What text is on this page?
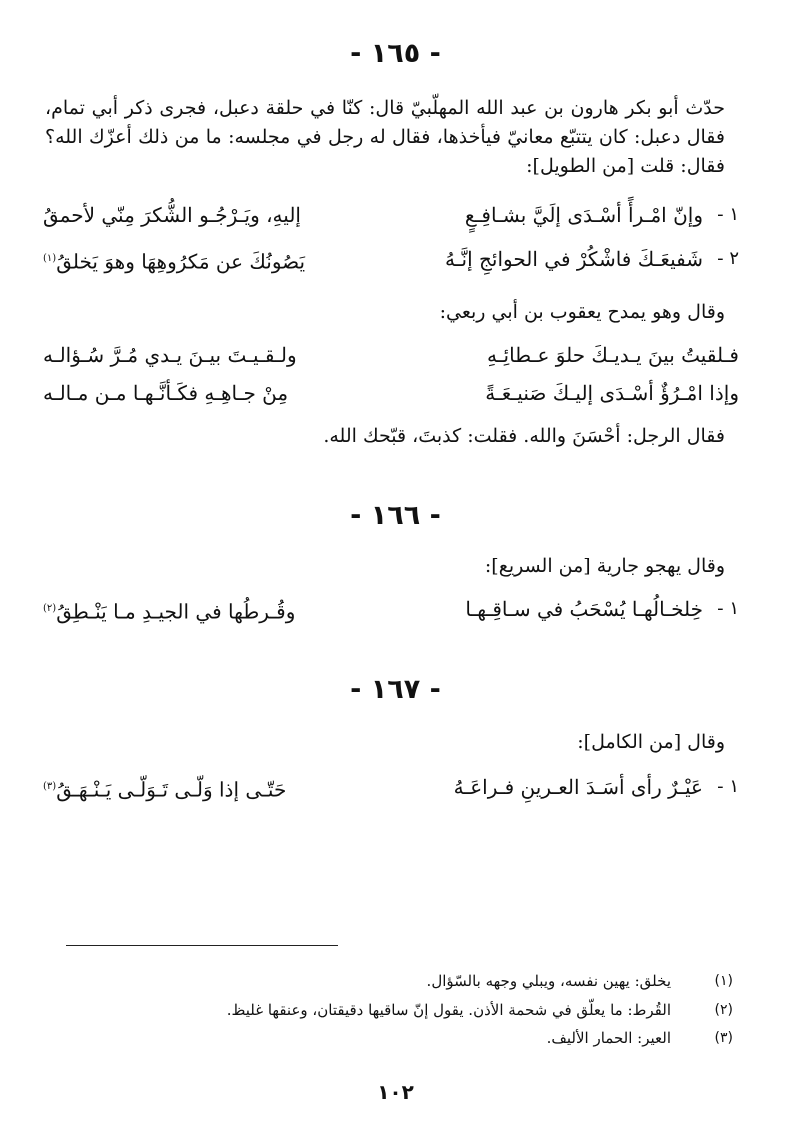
- ١٦٥ -

حدّث أبو بكر هارون بن عبد الله المهلّبيّ قال: كنّا في حلقة دعبل، فجرى ذكر أبي تمام، فقال دعبل: كان يتتبّع معانيّ فيأخذها، فقال له رجل في مجلسه: ما من ذلك أعزّك الله؟ فقال: قلت [من الطويل]:

١ -
وإنّ امْـرأً أسْـدَى إلَيَّ بشـافِـعٍ
إليهِ، ويَـرْجُـو الشُّكرَ مِنّي لأحمقُ
٢ -
شَفيعَـكَ فاشْكُرْ في الحوائجِ إنَّـهُ
يَصُونُكَ عن مَكرُوهِهَا وهوَ يَخلقُ$^{(١)}$

وقال وهو يمدح يعقوب بن أبي ربعي:

فـلقيتُ بينَ يـديـكَ حلوَ عـطائِـهِ
ولـقـيـتَ بيـنَ يـدي مُـرَّ سُـؤالـه
وإذا امْـرُؤٌ أسْـدَى إليـكَ صَنيـعَـةً
مِنْ جـاهِـهِ فكَـأنَّـهـا مـن مـالـه

فقال الرجل: أحْسَنَ والله. فقلت: كذبتَ، قبّحك الله.

- ١٦٦ -

وقال يهجو جارية [من السريع]:

١ -
خِلخـالُهـا يُسْحَبُ في سـاقِـهـا
وقُـرطُها في الجيـدِ مـا يَنْـطِقُ$^{(٢)}$
- ١٦٧ -

وقال [من الكامل]:

١ -
عَيْـرٌ رأى أسَـدَ العـرينِ فـراعَـهُ
حَتّـى إذا وَلّـى تَـوَلّـى يَـنْـهَـقُ$^{(٣)}$
(١)
يخلق: يهين نفسه، ويبلي وجهه بالسّؤال.
(٢)
القُرط: ما يعلّق في شحمة الأذن. يقول إنّ ساقيها دقيقتان، وعنقها غليظ.
(٣)
العير: الحمار الأليف.
١٠٢
